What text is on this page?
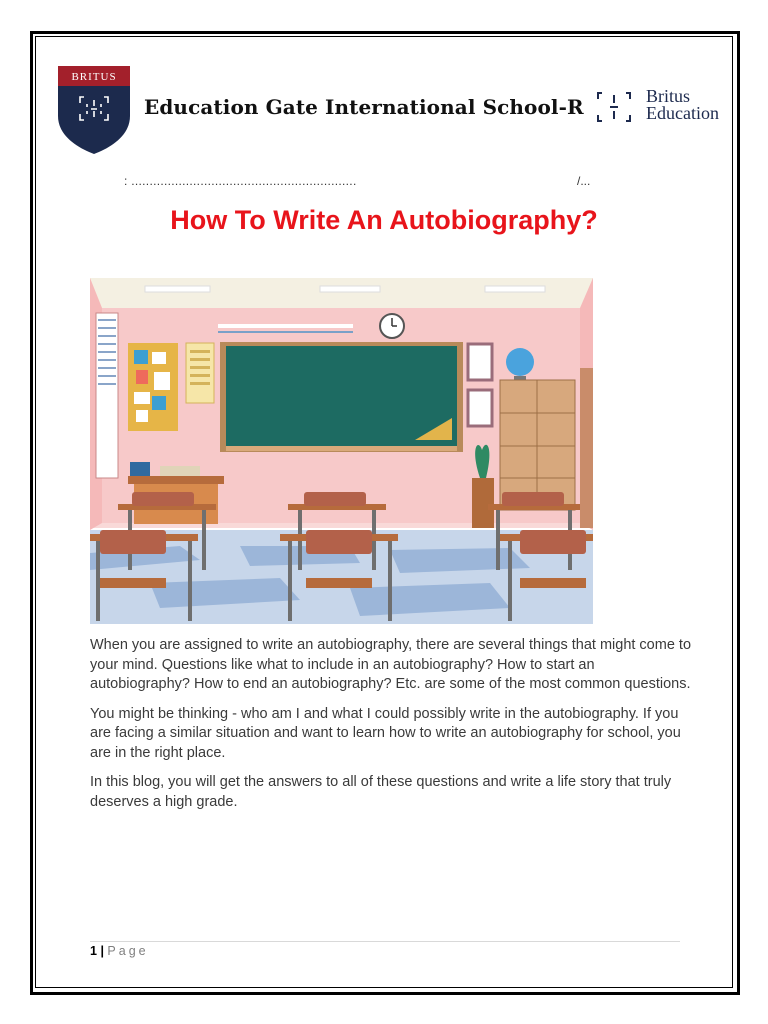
BRITUS
Education Gate International School-R	Britus
Education
: ..............................................................	/...
How To Write An Autobiography?

When you are assigned to write an autobiography, there are several things that might come to your mind. Questions like what to include in an autobiography? How to start an autobiography? How to end an autobiography? Etc. are some of the most common questions.

You might be thinking - who am I and what I could possibly write in the autobiography. If you are facing a similar situation and want to learn how to write an autobiography for school, you are in the right place.

In this blog, you will get the answers to all of these questions and write a life story that truly deserves a high grade.

1 | Page
